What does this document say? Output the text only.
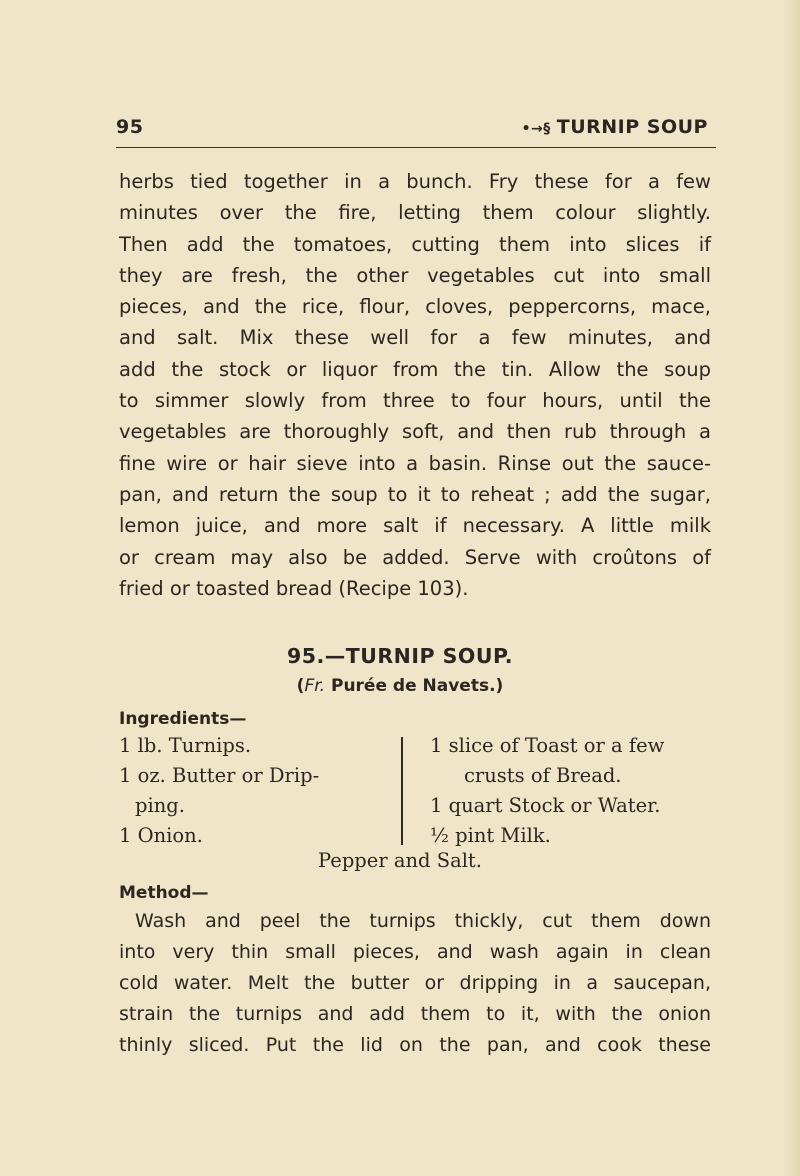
95	•→§ TURNIP SOUP
herbs tied together in a bunch. Fry these for a few
minutes over the fire, letting them colour slightly.
Then add the tomatoes, cutting them into slices if
they are fresh, the other vegetables cut into small
pieces, and the rice, flour, cloves, peppercorns, mace,
and salt. Mix these well for a few minutes, and
add the stock or liquor from the tin. Allow the soup
to simmer slowly from three to four hours, until the
vegetables are thoroughly soft, and then rub through a
fine wire or hair sieve into a basin. Rinse out the sauce-
pan, and return the soup to it to reheat ; add the sugar,
lemon juice, and more salt if necessary. A little milk
or cream may also be added. Serve with croûtons of
fried or toasted bread (Recipe 103).
95.—TURNIP SOUP.
(Fr. Purée de Navets.)
Ingredients—
1 lb. Turnips.
1 oz. Butter or Drip-
ping.
1 Onion.
1 slice of Toast or a few
crusts of Bread.
1 quart Stock or Water.
½ pint Milk.
Pepper and Salt.
Method—
Wash and peel the turnips thickly, cut them down
into very thin small pieces, and wash again in clean
cold water. Melt the butter or dripping in a saucepan,
strain the turnips and add them to it, with the onion
thinly sliced. Put the lid on the pan, and cook these
